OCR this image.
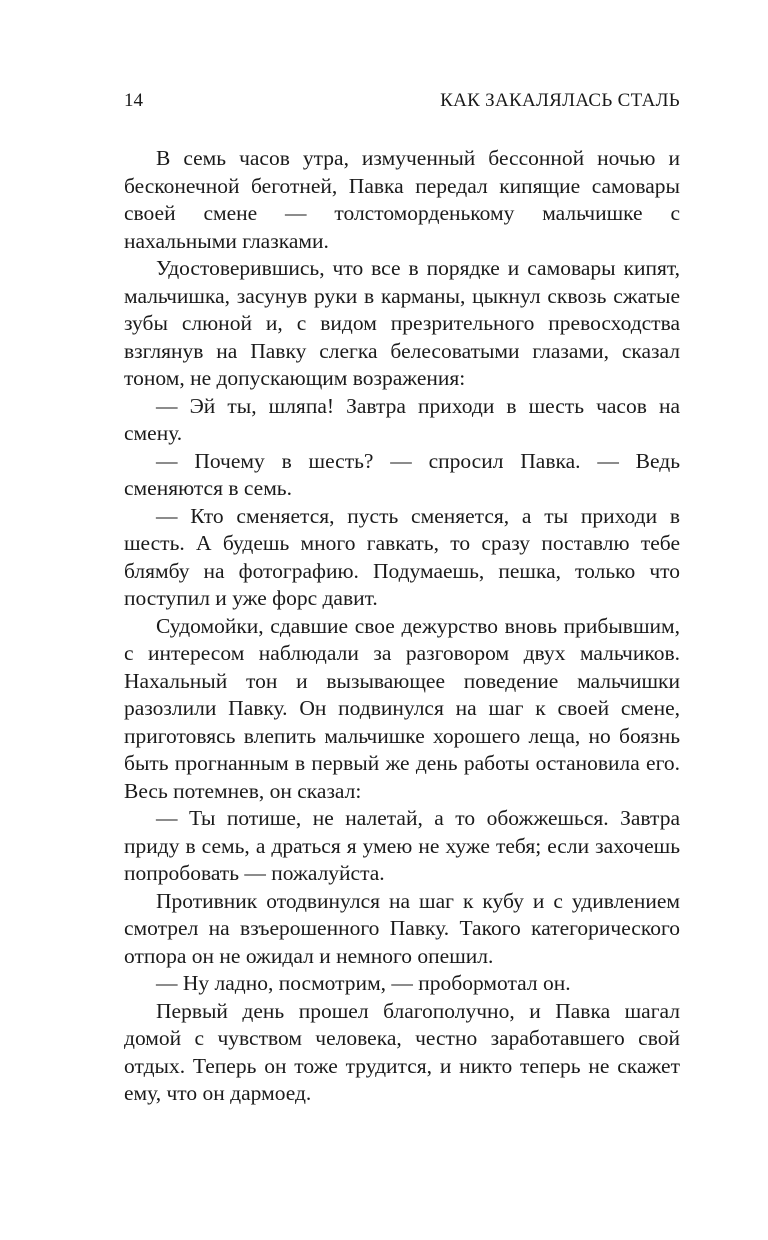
14	КАК ЗАКАЛЯЛАСЬ СТАЛЬ

В семь часов утра, измученный бессонной ночью и бесконечной беготней, Павка передал кипящие самовары своей смене — толстоморденькому мальчишке с нахальными глазками.

Удостоверившись, что все в порядке и самовары кипят, мальчишка, засунув руки в карманы, цыкнул сквозь сжатые зубы слюной и, с видом презрительного превосходства взглянув на Павку слегка белесоватыми глазами, сказал тоном, не допускающим возражения:

— Эй ты, шляпа! Завтра приходи в шесть часов на смену.

— Почему в шесть? — спросил Павка. — Ведь сменяются в семь.

— Кто сменяется, пусть сменяется, а ты приходи в шесть. А будешь много гавкать, то сразу поставлю тебе блямбу на фотографию. Подумаешь, пешка, только что поступил и уже форс давит.

Судомойки, сдавшие свое дежурство вновь прибывшим, с интересом наблюдали за разговором двух мальчиков. Нахальный тон и вызывающее поведение мальчишки разозлили Павку. Он подвинулся на шаг к своей смене, приготовясь влепить мальчишке хорошего леща, но боязнь быть прогнанным в первый же день работы остановила его. Весь потемнев, он сказал:

— Ты потише, не налетай, а то обожжешься. Завтра приду в семь, а драться я умею не хуже тебя; если захочешь попробовать — пожалуйста.

Противник отодвинулся на шаг к кубу и с удивлением смотрел на взъерошенного Павку. Такого категорического отпора он не ожидал и немного опешил.

— Ну ладно, посмотрим, — пробормотал он.

Первый день прошел благополучно, и Павка шагал домой с чувством человека, честно заработавшего свой отдых. Теперь он тоже трудится, и никто теперь не скажет ему, что он дармоед.
